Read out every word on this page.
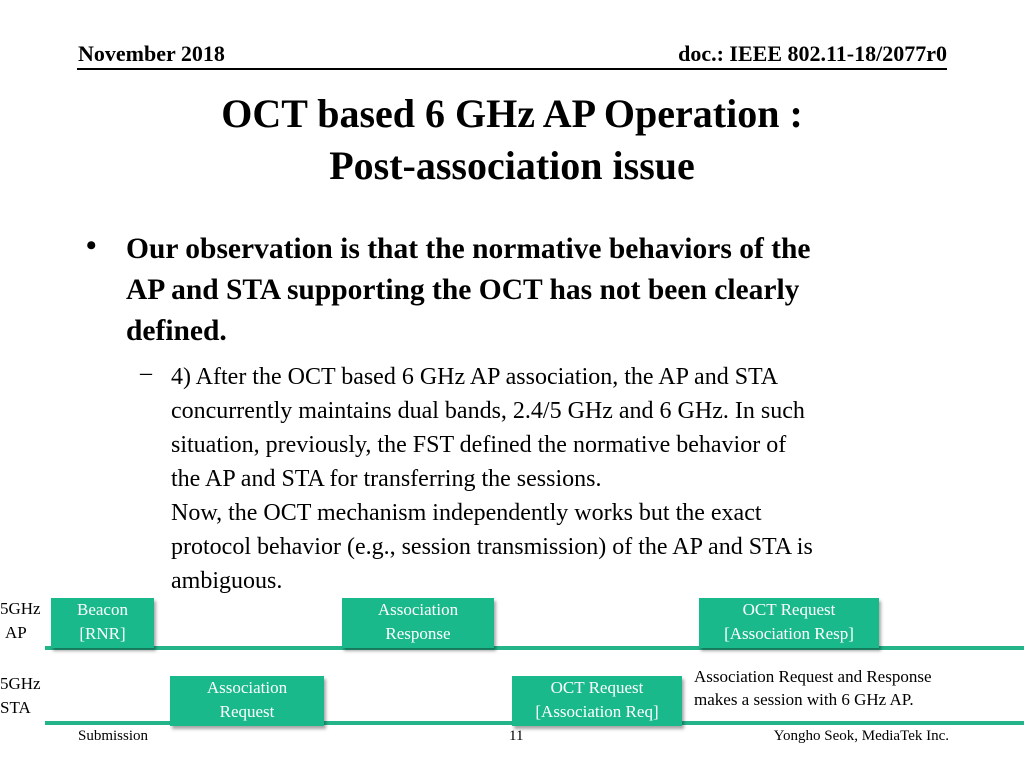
November 2018	doc.: IEEE 802.11-18/2077r0
OCT based 6 GHz AP Operation :
Post-association issue
• Our observation is that the normative behaviors of the
AP and STA supporting the OCT has not been clearly
defined.
– 4) After the OCT based 6 GHz AP association, the AP and STA
concurrently maintains dual bands, 2.4/5 GHz and 6 GHz. In such
situation, previously, the FST defined the normative behavior of
the AP and STA for transferring the sessions.
Now, the OCT mechanism independently works but the exact
protocol behavior (e.g., session transmission) of the AP and STA is
ambiguous.
5GHz
AP
Beacon
[RNR]
Association
Response
OCT Request
[Association Resp]
5GHz
STA
Association
Request
OCT Request
[Association Req]
Association Request and Response
makes a session with 6 GHz AP.
Submission	11	Yongho Seok, MediaTek Inc.
